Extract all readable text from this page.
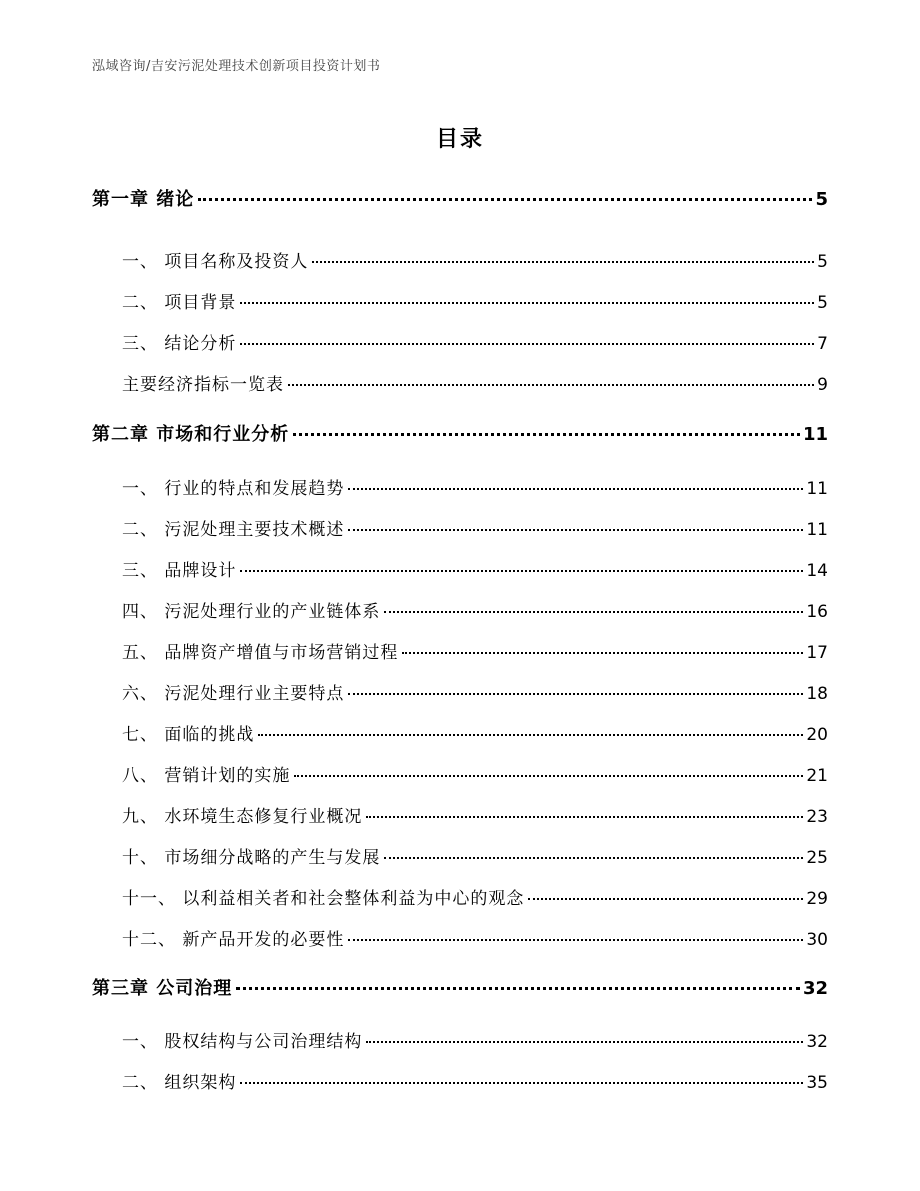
泓域咨询/吉安污泥处理技术创新项目投资计划书
目录
第一章 绪论	5
一、 项目名称及投资人	5
二、 项目背景	5
三、 结论分析	7
主要经济指标一览表	9
第二章 市场和行业分析	11
一、 行业的特点和发展趋势	11
二、 污泥处理主要技术概述	11
三、 品牌设计	14
四、 污泥处理行业的产业链体系	16
五、 品牌资产增值与市场营销过程	17
六、 污泥处理行业主要特点	18
七、 面临的挑战	20
八、 营销计划的实施	21
九、 水环境生态修复行业概况	23
十、 市场细分战略的产生与发展	25
十一、 以利益相关者和社会整体利益为中心的观念	29
十二、 新产品开发的必要性	30
第三章 公司治理	32
一、 股权结构与公司治理结构	32
二、 组织架构	35
